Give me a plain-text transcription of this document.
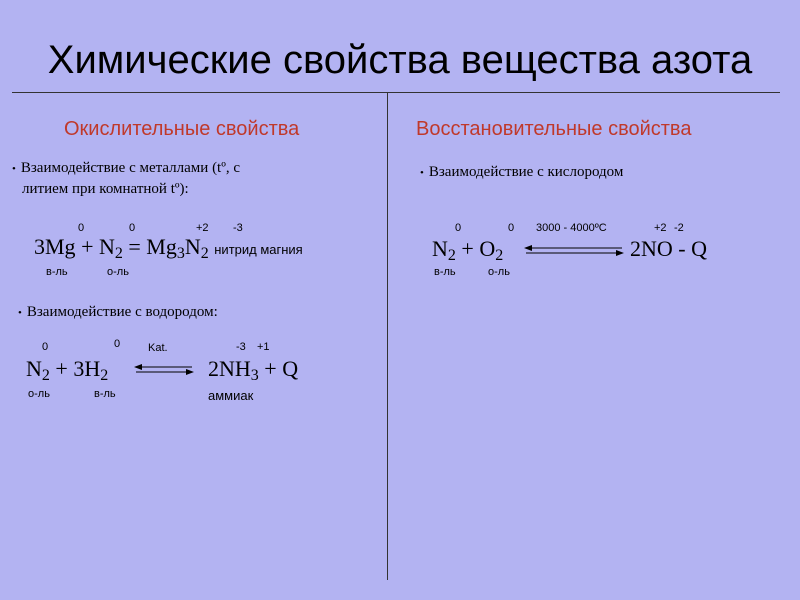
Химические свойства вещества азота
Окислительные свойства
• Взаимодействие с металлами (tº, с
литием при комнатной tº):
0	0	+2 -3
$3Mg + N_2 = Mg_3N_2$ нитрид магния
в-ль	о-ль
• Взаимодействие с водородом:
0	0	Kat.	-3 +1
$N_2 + 3H_2$ ⇌ $2NH_3 + Q$
о-ль	в-ль	аммиак
Восстановительные свойства
• Взаимодействие с кислородом
0	0 3000 - 4000ºC	+2 -2
$N_2 + O_2$	2NO - Q
в-ль	о-ль
